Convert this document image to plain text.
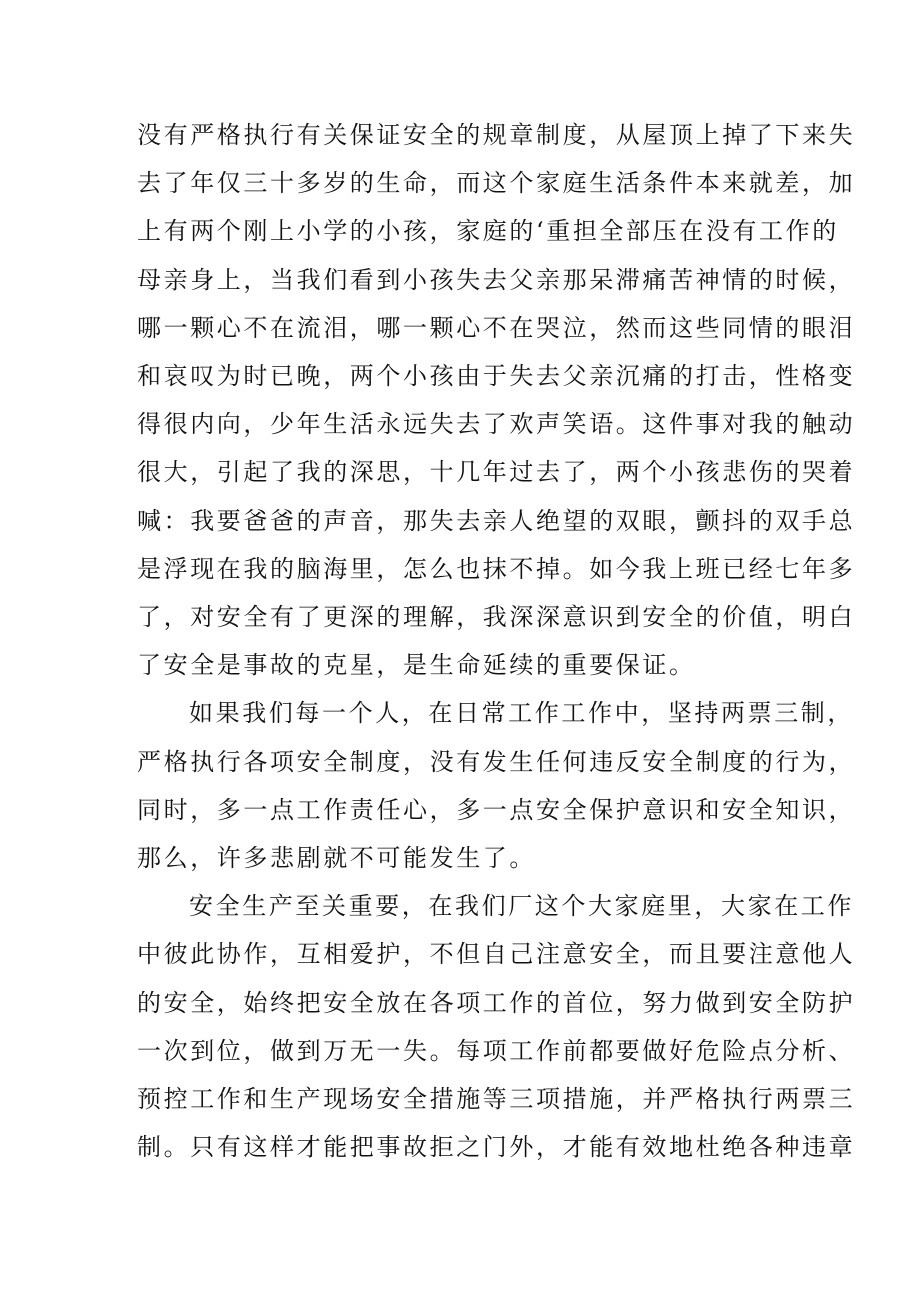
没有严格执行有关保证安全的规章制度，从屋顶上掉了下来失
去了年仅三十多岁的生命，而这个家庭生活条件本来就差，加
上有两个刚上小学的小孩，家庭的‘重担全部压在没有工作的
母亲身上，当我们看到小孩失去父亲那呆滞痛苦神情的时候，
哪一颗心不在流泪，哪一颗心不在哭泣，然而这些同情的眼泪
和哀叹为时已晚，两个小孩由于失去父亲沉痛的打击，性格变
得很内向，少年生活永远失去了欢声笑语。这件事对我的触动
很大，引起了我的深思，十几年过去了，两个小孩悲伤的哭着
喊：我要爸爸的声音，那失去亲人绝望的双眼，颤抖的双手总
是浮现在我的脑海里，怎么也抹不掉。如今我上班已经七年多
了，对安全有了更深的理解，我深深意识到安全的价值，明白
了安全是事故的克星，是生命延续的重要保证。
如果我们每一个人，在日常工作工作中，坚持两票三制，
严格执行各项安全制度，没有发生任何违反安全制度的行为，
同时，多一点工作责任心，多一点安全保护意识和安全知识，
那么，许多悲剧就不可能发生了。
安全生产至关重要，在我们厂这个大家庭里，大家在工作
中彼此协作，互相爱护，不但自己注意安全，而且要注意他人
的安全，始终把安全放在各项工作的首位，努力做到安全防护
一次到位，做到万无一失。每项工作前都要做好危险点分析、
预控工作和生产现场安全措施等三项措施，并严格执行两票三
制。只有这样才能把事故拒之门外，才能有效地杜绝各种违章
